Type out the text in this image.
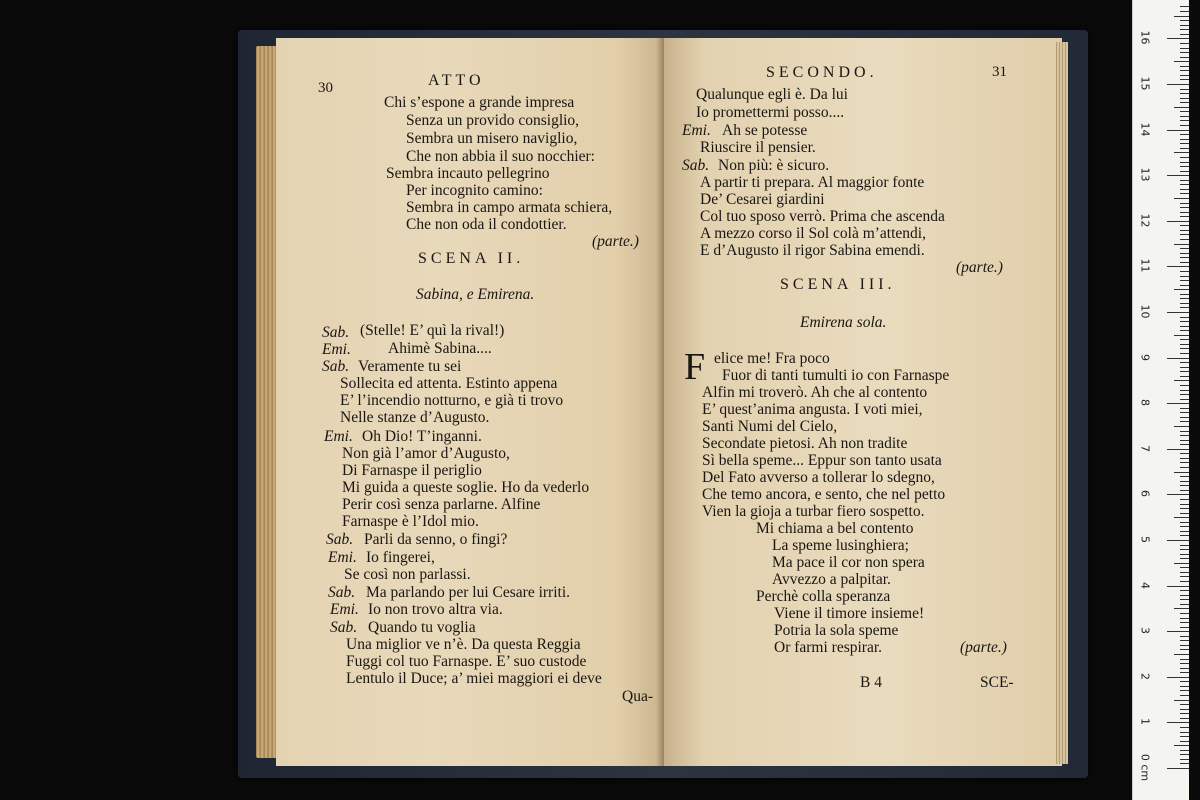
30	ATTO
Chi s’espone a grande impresa
Senza un provido consiglio,
Sembra un misero naviglio,
Che non abbia il suo nocchier:
Sembra incauto pellegrino
Per incognito camino:
Sembra in campo armata schiera,
Che non oda il condottier.
(parte.)
SCENA II.
Sabina, e Emirena.
Sab. (Stelle! E’ quì la rival!)
Emi. Ahimè Sabina....
Sab. Veramente tu sei
Sollecita ed attenta. Estinto appena
E’ l’incendio notturno, e già ti trovo
Nelle stanze d’Augusto.
Emi. Oh Dio! T’inganni.
Non già l’amor d’Augusto,
Di Farnaspe il periglio
Mi guida a queste soglie. Ho da vederlo
Perir così senza parlarne. Alfine
Farnaspe è l’Idol mio.
Sab. Parli da senno, o fingi?
Emi. Io fingerei,
Se così non parlassi.
Sab. Ma parlando per lui Cesare irriti.
Emi. Io non trovo altra via.
Sab. Quando tu voglia
Una miglior ve n’è. Da questa Reggia
Fuggi col tuo Farnaspe. E’ suo custode
Lentulo il Duce; a’ miei maggiori ei deve
Qua-
SECONDO.	31
Qualunque egli è. Da lui
Io promettermi posso....
Emi. Ah se potesse
Riuscire il pensier.
Sab. Non più: è sicuro.
A partir ti prepara. Al maggior fonte
De’ Cesarei giardini
Col tuo sposo verrò. Prima che ascenda
A mezzo corso il Sol colà m’attendi,
E d’Augusto il rigor Sabina emendi.
(parte.)
SCENA III.
Emirena sola.
F elice me! Fra poco
Fuor di tanti tumulti io con Farnaspe
Alfin mi troverò. Ah che al contento
E’ quest’anima angusta. I voti miei,
Santi Numi del Cielo,
Secondate pietosi. Ah non tradite
Sì bella speme... Eppur son tanto usata
Del Fato avverso a tollerar lo sdegno,
Che temo ancora, e sento, che nel petto
Vien la gioja a turbar fiero sospetto.
Mi chiama a bel contento
La speme lusinghiera;
Ma pace il cor non spera
Avvezzo a palpitar.
Perchè colla speranza
Viene il timore insieme!
Potria la sola speme
Or farmi respirar.	(parte.)
B 4	SCE-
0 cm
1
2
3
4
5
6
7
8
9
10
11
12
13
14
15
16
